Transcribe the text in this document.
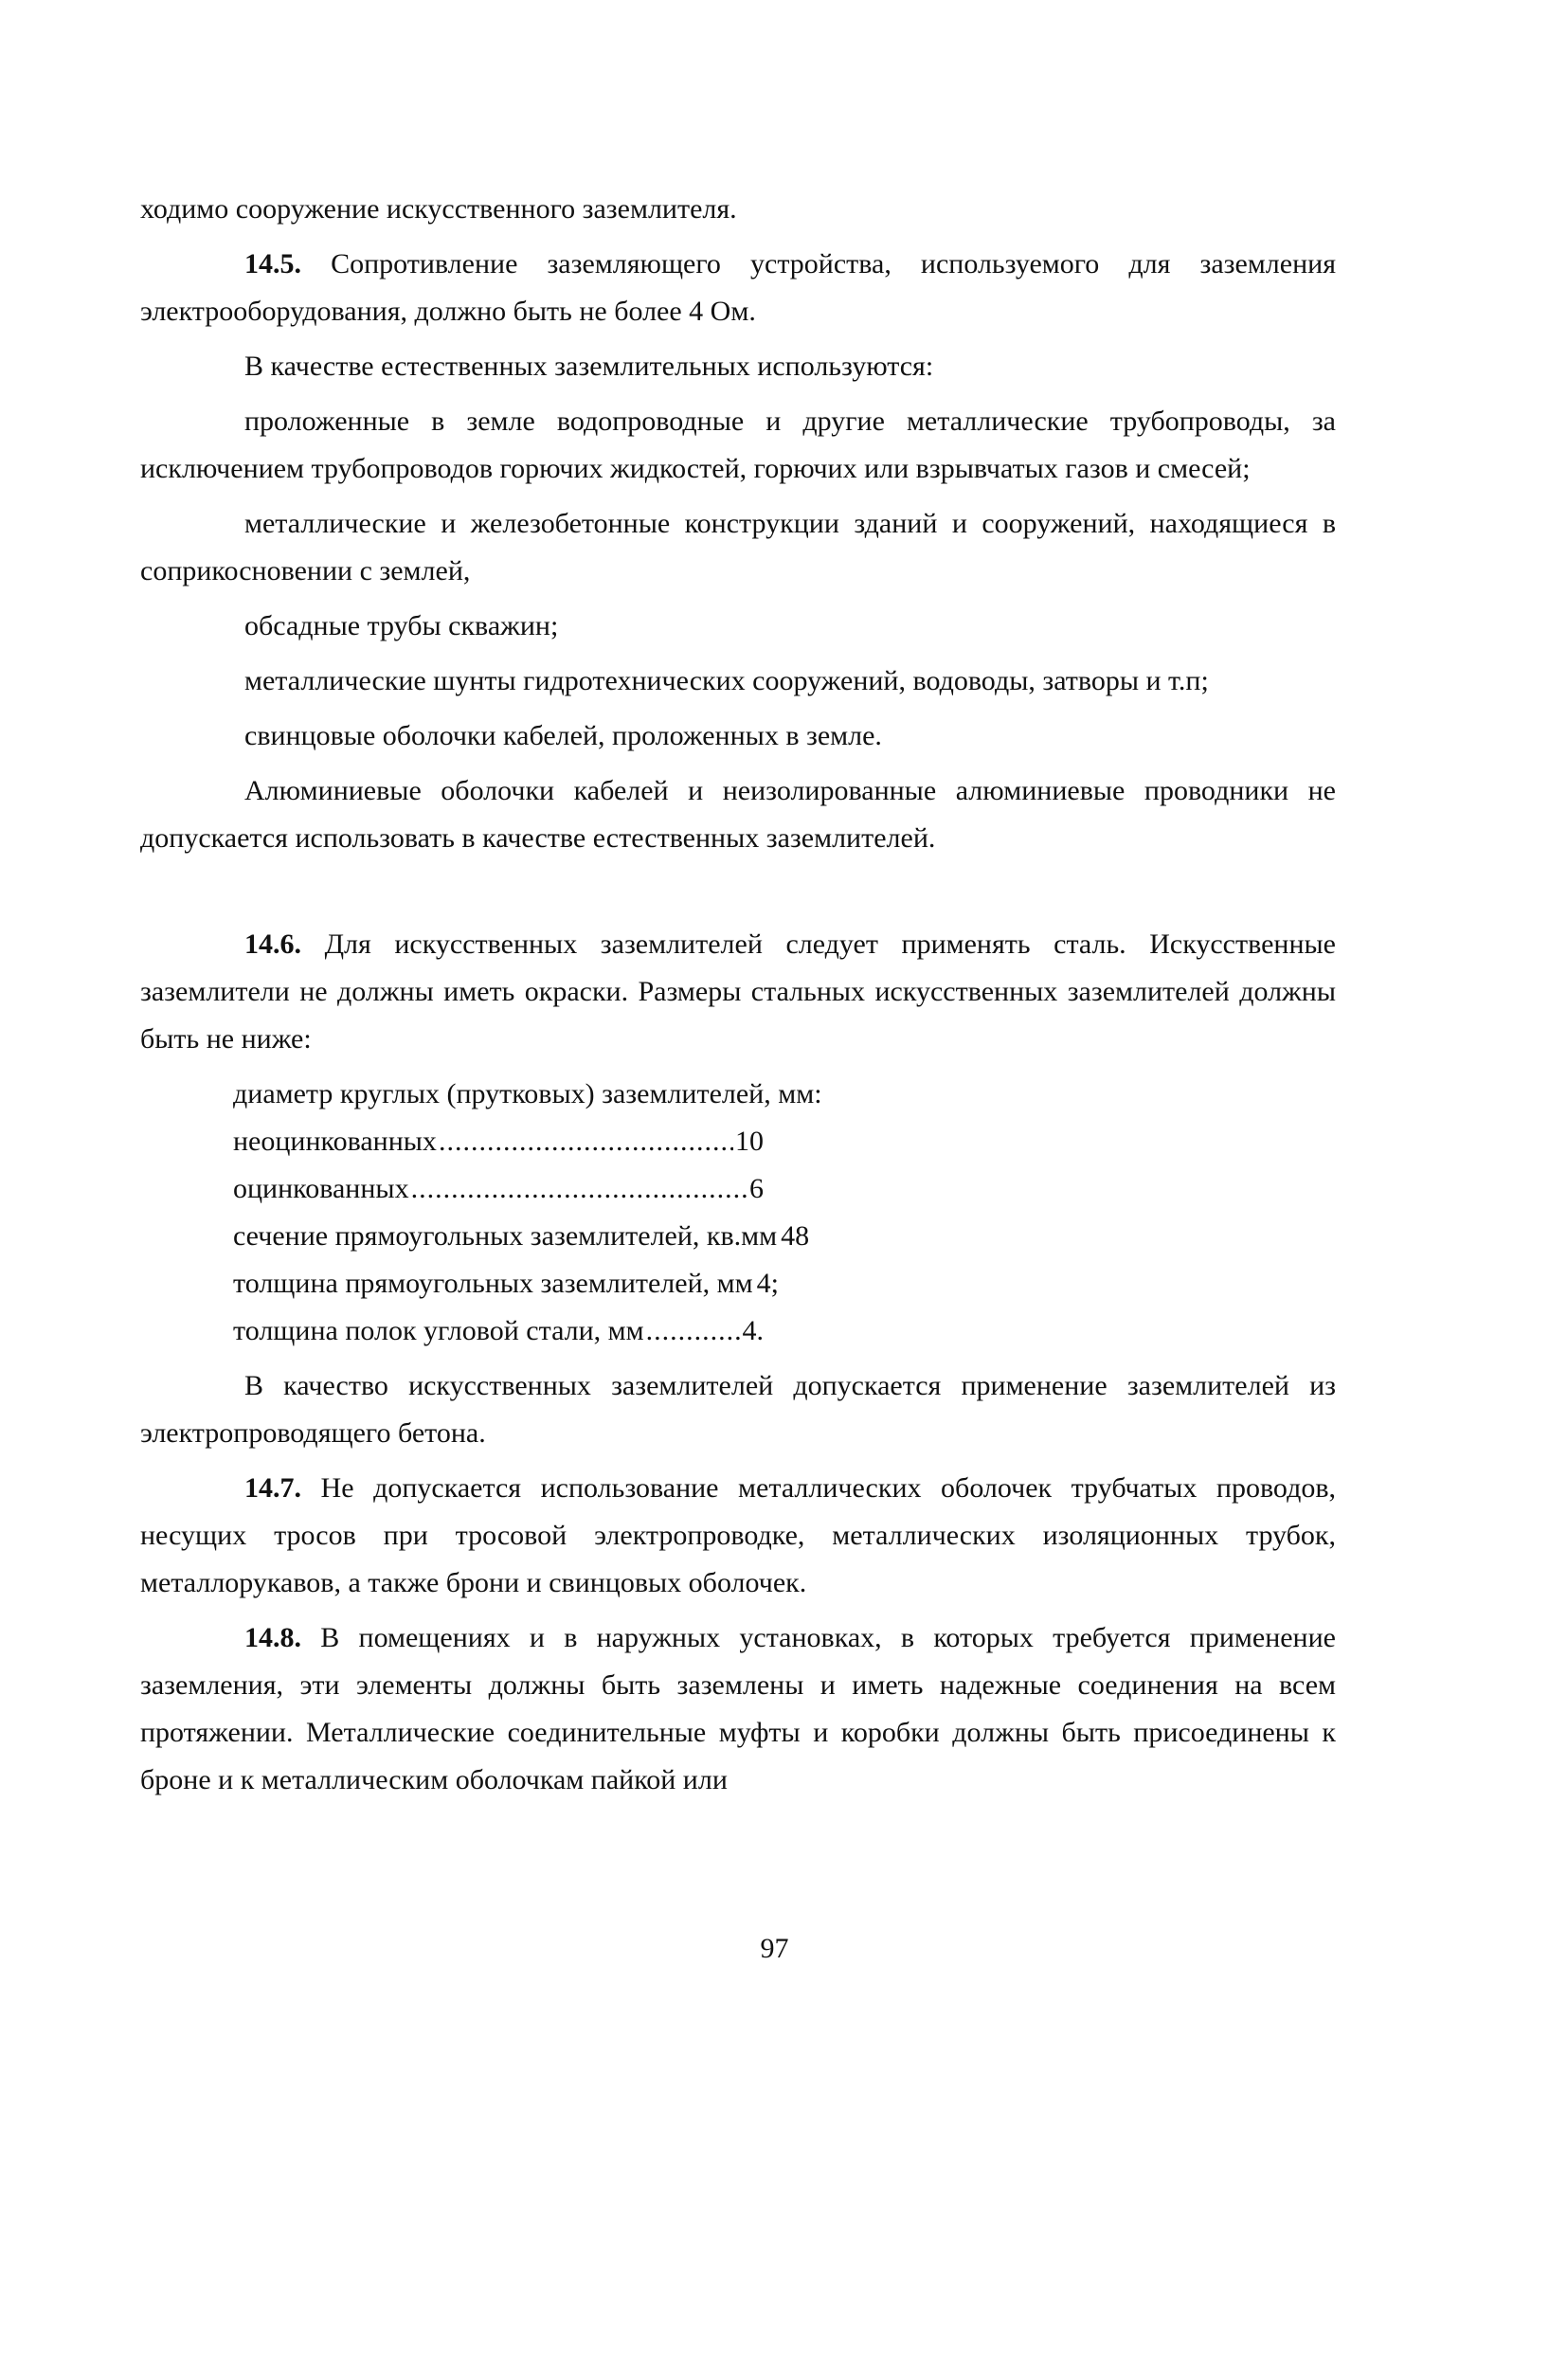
ходимо сооружение искусственного заземлителя.

14.5. Сопротивление заземляющего устройства, используемого для заземления электрооборудования, должно быть не более 4 Ом.

В качестве естественных заземлительных используются:

проложенные в земле водопроводные и другие металлические трубопроводы, за исключением трубопроводов горючих жидкостей, горючих или взрывчатых газов и смесей;

металлические и железобетонные конструкции зданий и сооружений, находящиеся в соприкосновении с землей,

обсадные трубы скважин;

металлические шунты гидротехнических сооружений, водоводы, затворы и т.п;

свинцовые оболочки кабелей, проложенных в земле.

Алюминиевые оболочки кабелей и неизолированные алюминиевые проводники не допускается использовать в качестве естественных заземлителей.

14.6. Для искусственных заземлителей следует применять сталь. Искусственные заземлители не должны иметь окраски. Размеры стальных искусственных заземлителей должны быть не ниже:

диаметр круглых (прутковых) заземлителей, мм:
неоцинкованных .....	10
оцинкованных .....	6
сечение прямоугольных заземлителей, кв.мм 48
толщина прямоугольных заземлителей, мм 4;
толщина полок угловой стали, мм .....	4.

В качество искусственных заземлителей допускается применение заземлителей из электропроводящего бетона.

14.7. Не допускается использование металлических оболочек трубчатых проводов, несущих тросов при тросовой электропроводке, металлических изоляционных трубок, металлорукавов, а также брони и свинцовых оболочек.

14.8. В помещениях и в наружных установках, в которых требуется применение заземления, эти элементы должны быть заземлены и иметь надежные соединения на всем протяжении. Металлические соединительные муфты и коробки должны быть присоединены к броне и к металлическим оболочкам пайкой или

97
